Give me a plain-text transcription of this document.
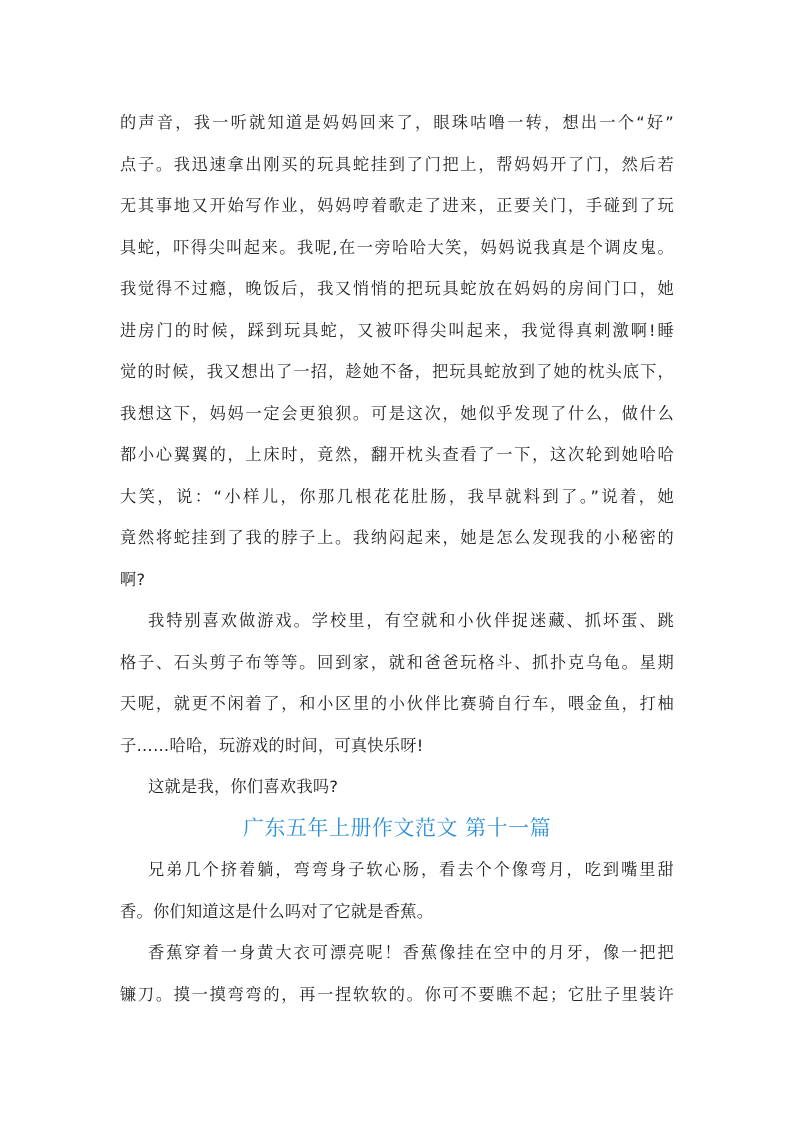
的声音，我一听就知道是妈妈回来了，眼珠咕噜一转，想出一个“好”
点子。我迅速拿出刚买的玩具蛇挂到了门把上，帮妈妈开了门，然后若
无其事地又开始写作业，妈妈哼着歌走了进来，正要关门，手碰到了玩
具蛇，吓得尖叫起来。我呢,在一旁哈哈大笑，妈妈说我真是个调皮鬼。
我觉得不过瘾，晚饭后，我又悄悄的把玩具蛇放在妈妈的房间门口，她
进房门的时候，踩到玩具蛇，又被吓得尖叫起来，我觉得真刺激啊!睡
觉的时候，我又想出了一招，趁她不备，把玩具蛇放到了她的枕头底下，
我想这下，妈妈一定会更狼狈。可是这次，她似乎发现了什么，做什么
都小心翼翼的，上床时，竟然，翻开枕头查看了一下，这次轮到她哈哈
大笑，说：“小样儿，你那几根花花肚肠，我早就料到了。”说着，她
竟然将蛇挂到了我的脖子上。我纳闷起来，她是怎么发现我的小秘密的
啊?
我特别喜欢做游戏。学校里，有空就和小伙伴捉迷藏、抓坏蛋、跳
格子、石头剪子布等等。回到家，就和爸爸玩格斗、抓扑克乌龟。星期
天呢，就更不闲着了，和小区里的小伙伴比赛骑自行车，喂金鱼，打柚
子……哈哈，玩游戏的时间，可真快乐呀!
这就是我，你们喜欢我吗?
广东五年上册作文范文 第十一篇
兄弟几个挤着躺，弯弯身子软心肠，看去个个像弯月，吃到嘴里甜
香。你们知道这是什么吗对了它就是香蕉。
香蕉穿着一身黄大衣可漂亮呢！香蕉像挂在空中的月牙，像一把把
镰刀。摸一摸弯弯的，再一捏软软的。你可不要瞧不起；它肚子里装许
